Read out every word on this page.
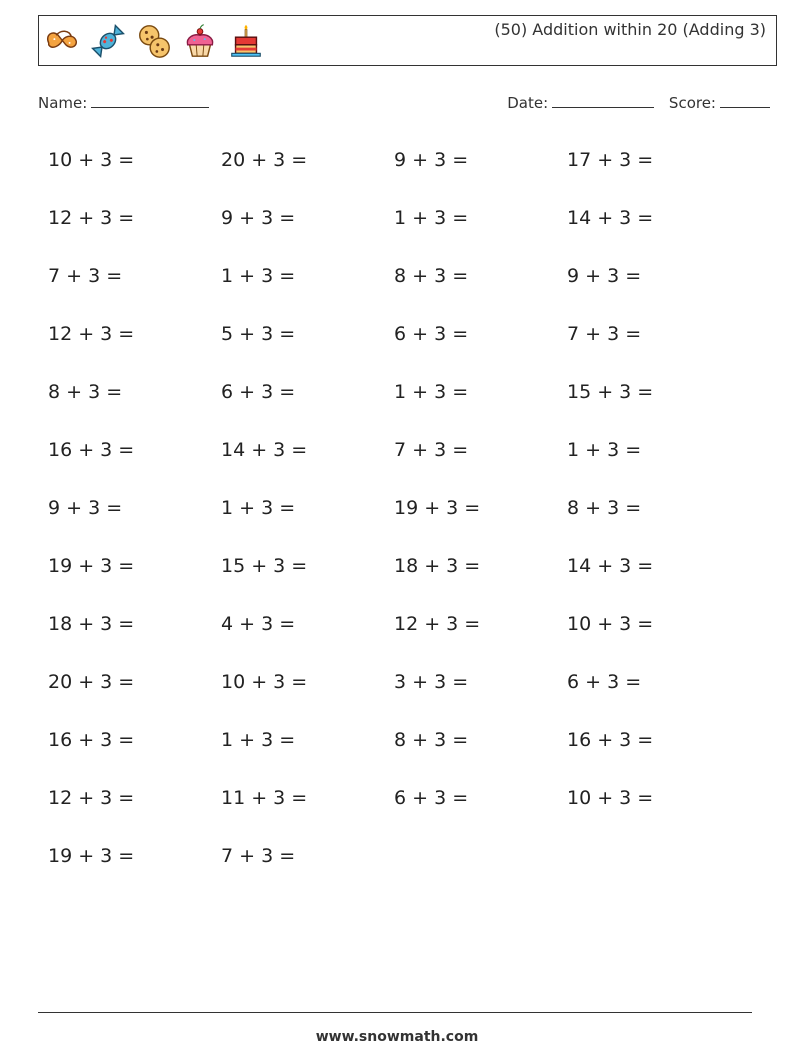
(50) Addition within 20 (Adding 3)
Name:	Date:	Score:
10 + 3 =	20 + 3 =	9 + 3 =	17 + 3 =
12 + 3 =	9 + 3 =	1 + 3 =	14 + 3 =
7 + 3 =	1 + 3 =	8 + 3 =	9 + 3 =
12 + 3 =	5 + 3 =	6 + 3 =	7 + 3 =
8 + 3 =	6 + 3 =	1 + 3 =	15 + 3 =
16 + 3 =	14 + 3 =	7 + 3 =	1 + 3 =
9 + 3 =	1 + 3 =	19 + 3 =	8 + 3 =
19 + 3 =	15 + 3 =	18 + 3 =	14 + 3 =
18 + 3 =	4 + 3 =	12 + 3 =	10 + 3 =
20 + 3 =	10 + 3 =	3 + 3 =	6 + 3 =
16 + 3 =	1 + 3 =	8 + 3 =	16 + 3 =
12 + 3 =	11 + 3 =	6 + 3 =	10 + 3 =
19 + 3 =	7 + 3 =
www.snowmath.com
